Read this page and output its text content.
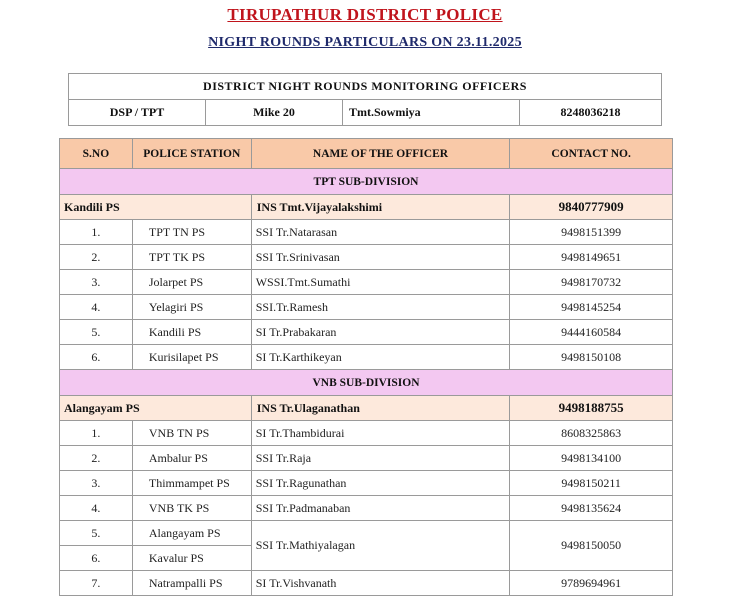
TIRUPATHUR DISTRICT POLICE
NIGHT ROUNDS PARTICULARS ON 23.11.2025
DISTRICT NIGHT ROUNDS MONITORING OFFICERS
DSP / TPT	Mike 20	Tmt.Sowmiya	8248036218
S.NO	POLICE STATION	NAME OF THE OFFICER	CONTACT NO.
TPT SUB-DIVISION			
Kandili PS		INS Tmt.Vijayalakshimi	9840777909
1.	TPT TN PS	SSI Tr.Natarasan	9498151399
2.	TPT TK PS	SSI Tr.Srinivasan	9498149651
3.	Jolarpet PS	WSSI.Tmt.Sumathi	9498170732
4.	Yelagiri PS	SSI.Tr.Ramesh	9498145254
5.	Kandili PS	SI Tr.Prabakaran	9444160584
6.	Kurisilapet PS	SI Tr.Karthikeyan	9498150108
VNB SUB-DIVISION			
Alangayam PS		INS Tr.Ulaganathan	9498188755
1.	VNB TN PS	SI Tr.Thambidurai	8608325863
2.	Ambalur PS	SSI Tr.Raja	9498134100
3.	Thimmampet PS	SSI Tr.Ragunathan	9498150211
4.	VNB TK PS	SSI Tr.Padmanaban	9498135624
5.	Alangayam PS	SSI Tr.Mathiyalagan	9498150050
6.	Kavalur PS		
7.	Natrampalli PS	SI Tr.Vishvanath	9789694961
